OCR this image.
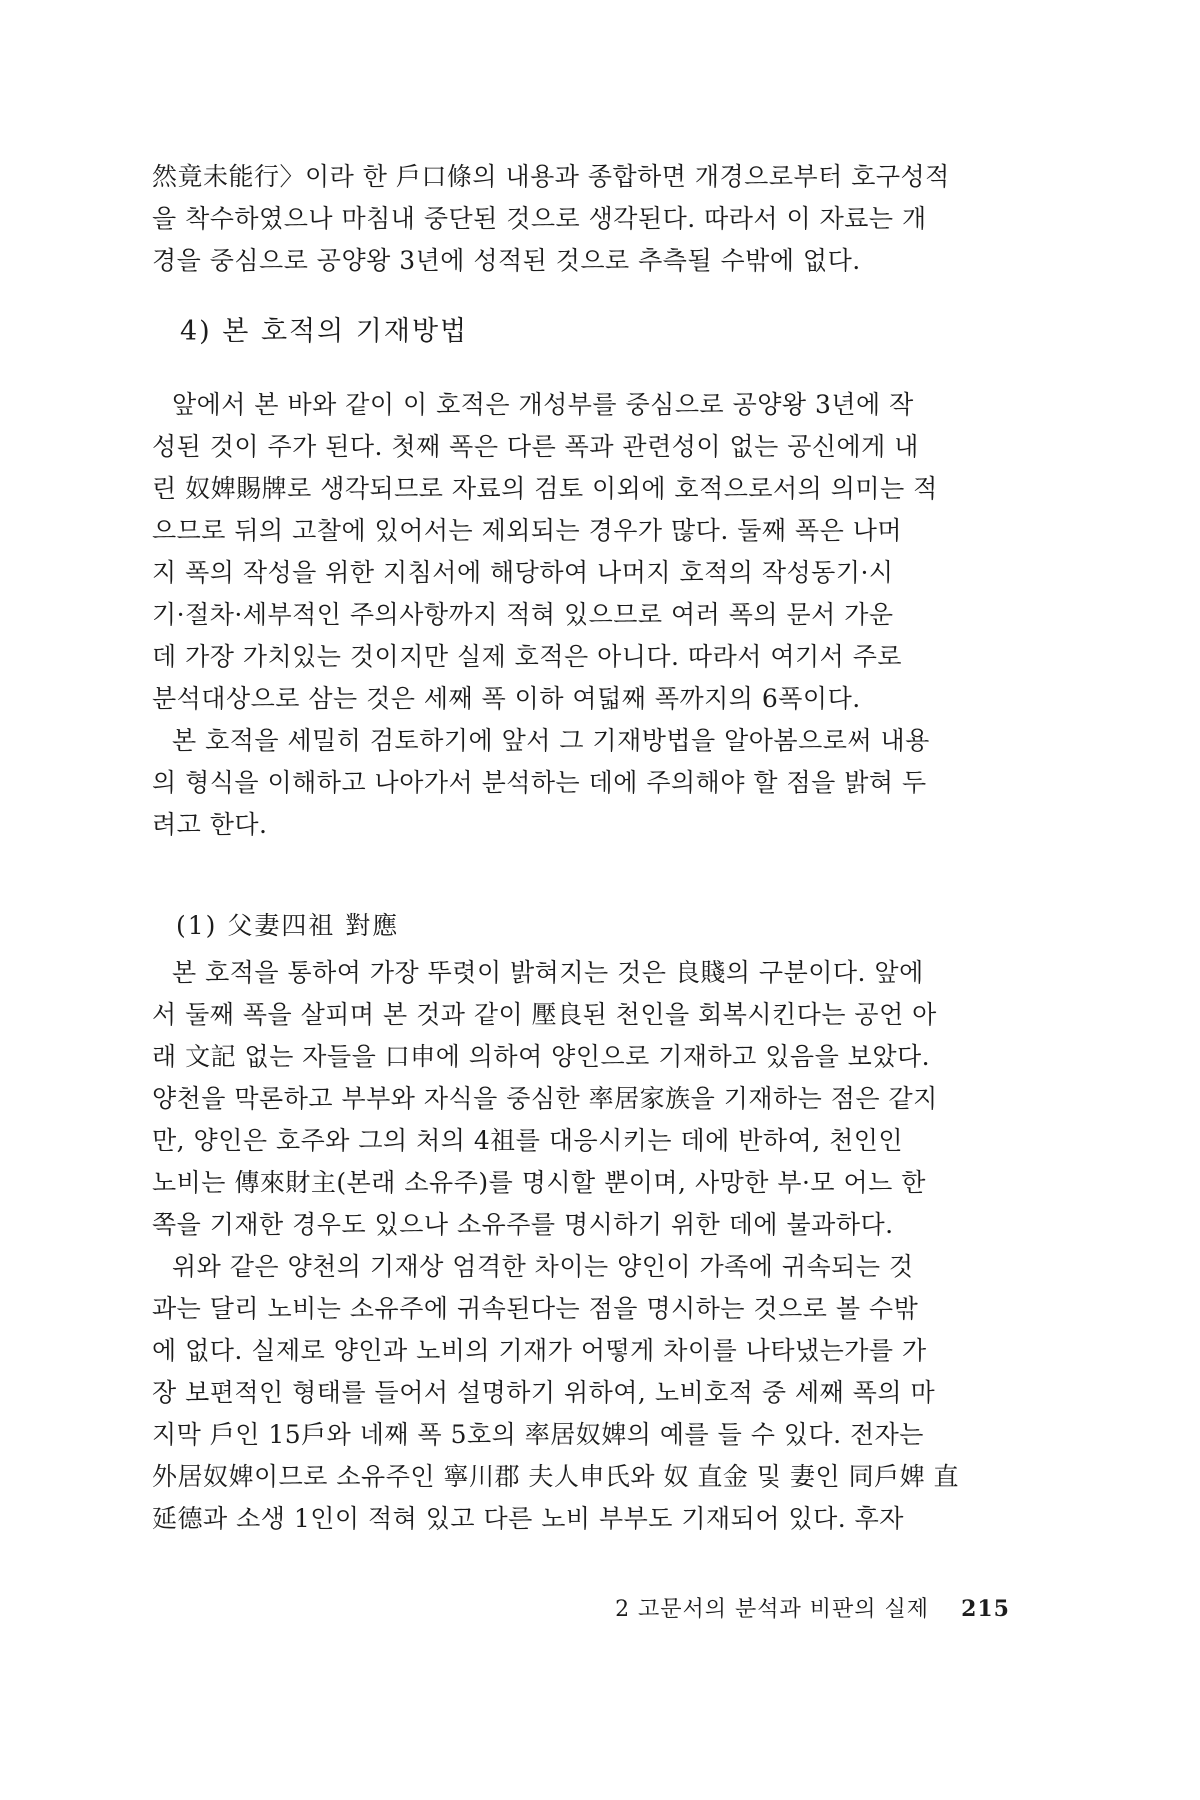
然竟未能行〉이라 한 戶口條의 내용과 종합하면 개경으로부터 호구성적
을 착수하였으나 마침내 중단된 것으로 생각된다. 따라서 이 자료는 개
경을 중심으로 공양왕 3년에 성적된 것으로 추측될 수밖에 없다.
4) 본 호적의 기재방법
앞에서 본 바와 같이 이 호적은 개성부를 중심으로 공양왕 3년에 작
성된 것이 주가 된다. 첫째 폭은 다른 폭과 관련성이 없는 공신에게 내
린 奴婢賜牌로 생각되므로 자료의 검토 이외에 호적으로서의 의미는 적
으므로 뒤의 고찰에 있어서는 제외되는 경우가 많다. 둘째 폭은 나머
지 폭의 작성을 위한 지침서에 해당하여 나머지 호적의 작성동기·시
기·절차·세부적인 주의사항까지 적혀 있으므로 여러 폭의 문서 가운
데 가장 가치있는 것이지만 실제 호적은 아니다. 따라서 여기서 주로
분석대상으로 삼는 것은 세째 폭 이하 여덟째 폭까지의 6폭이다.
본 호적을 세밀히 검토하기에 앞서 그 기재방법을 알아봄으로써 내용
의 형식을 이해하고 나아가서 분석하는 데에 주의해야 할 점을 밝혀 두
려고 한다.
(1) 父妻四祖 對應
본 호적을 통하여 가장 뚜렷이 밝혀지는 것은 良賤의 구분이다. 앞에
서 둘째 폭을 살피며 본 것과 같이 壓良된 천인을 회복시킨다는 공언 아
래 文記 없는 자들을 口申에 의하여 양인으로 기재하고 있음을 보았다.
양천을 막론하고 부부와 자식을 중심한 率居家族을 기재하는 점은 같지
만, 양인은 호주와 그의 처의 4祖를 대응시키는 데에 반하여, 천인인
노비는 傳來財主(본래 소유주)를 명시할 뿐이며, 사망한 부·모 어느 한
쪽을 기재한 경우도 있으나 소유주를 명시하기 위한 데에 불과하다.
위와 같은 양천의 기재상 엄격한 차이는 양인이 가족에 귀속되는 것
과는 달리 노비는 소유주에 귀속된다는 점을 명시하는 것으로 볼 수밖
에 없다. 실제로 양인과 노비의 기재가 어떻게 차이를 나타냈는가를 가
장 보편적인 형태를 들어서 설명하기 위하여, 노비호적 중 세째 폭의 마
지막 戶인 15戶와 네째 폭 5호의 率居奴婢의 예를 들 수 있다. 전자는
外居奴婢이므로 소유주인 寧川郡 夫人申氏와 奴 直金 및 妻인 同戶婢 直
延德과 소생 1인이 적혀 있고 다른 노비 부부도 기재되어 있다. 후자
2 고문서의 분석과 비판의 실제 215
